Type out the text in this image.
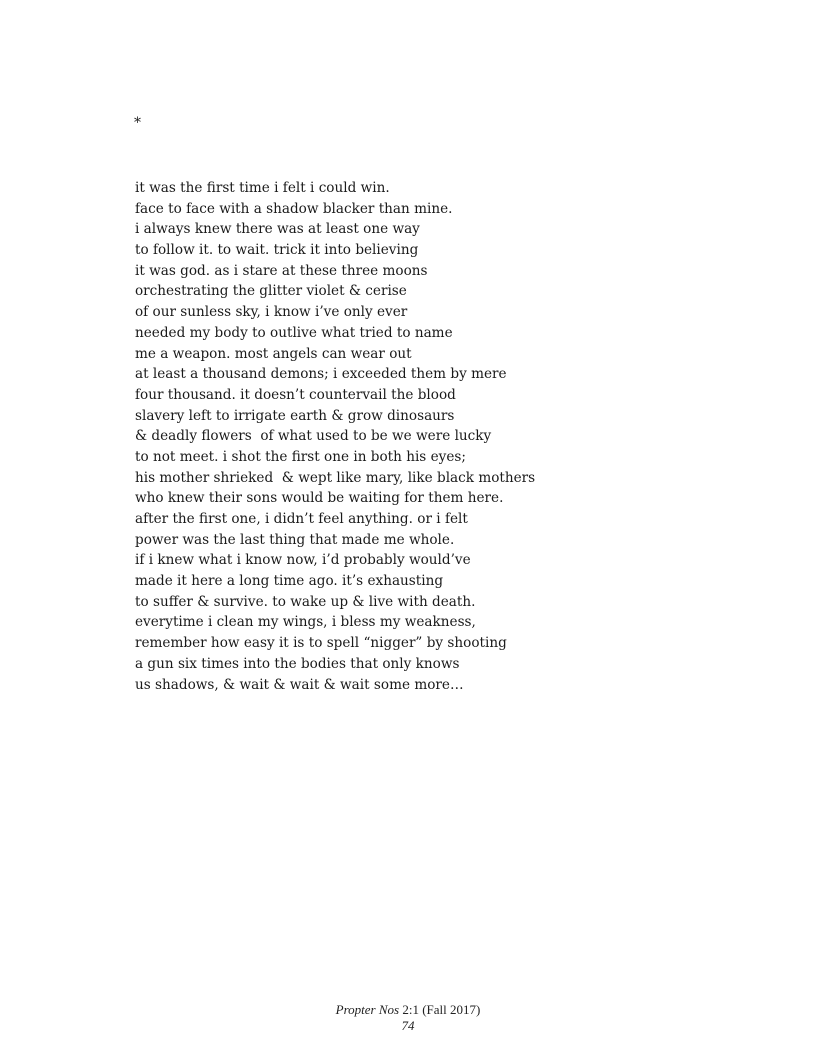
*
it was the first time i felt i could win.
face to face with a shadow blacker than mine.
i always knew there was at least one way
to follow it. to wait. trick it into believing
it was god. as i stare at these three moons
orchestrating the glitter violet & cerise
of our sunless sky, i know i’ve only ever
needed my body to outlive what tried to name
me a weapon. most angels can wear out
at least a thousand demons; i exceeded them by mere
four thousand. it doesn’t countervail the blood
slavery left to irrigate earth & grow dinosaurs
& deadly flowers  of what used to be we were lucky
to not meet. i shot the first one in both his eyes;
his mother shrieked  & wept like mary, like black mothers
who knew their sons would be waiting for them here.
after the first one, i didn’t feel anything. or i felt
power was the last thing that made me whole.
if i knew what i know now, i’d probably would’ve
made it here a long time ago. it’s exhausting
to suffer & survive. to wake up & live with death.
everytime i clean my wings, i bless my weakness,
remember how easy it is to spell “nigger” by shooting
a gun six times into the bodies that only knows
us shadows, & wait & wait & wait some more…
Propter Nos 2:1 (Fall 2017)
74
